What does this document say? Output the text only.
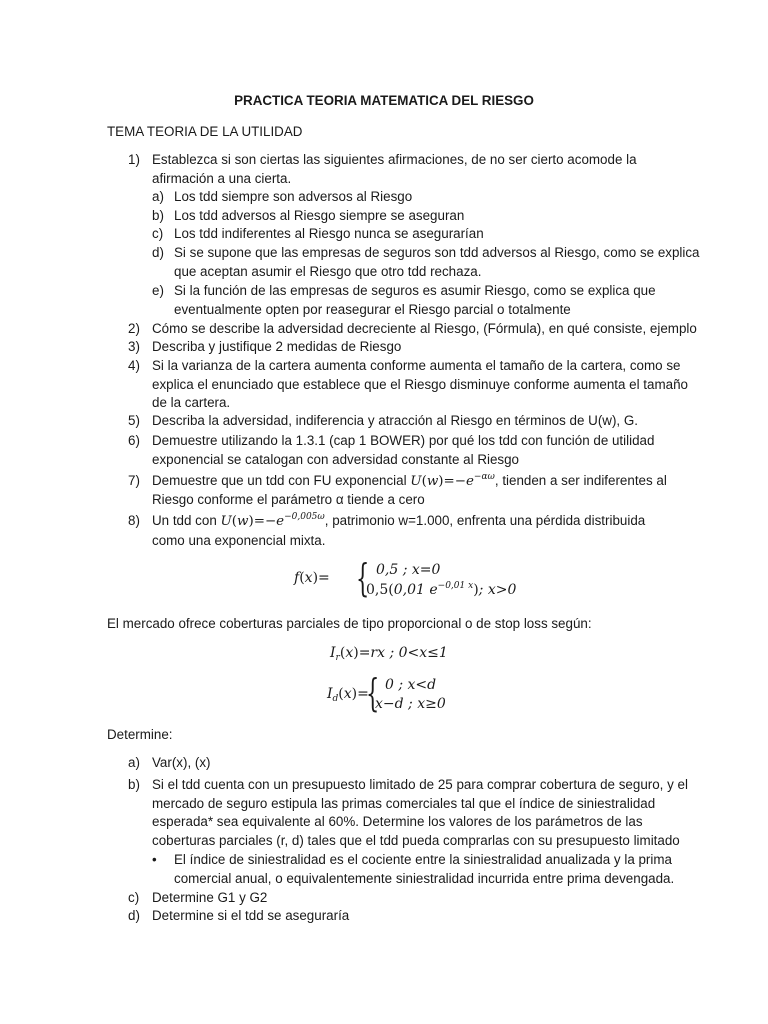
PRACTICA TEORIA MATEMATICA DEL RIESGO
TEMA TEORIA DE LA UTILIDAD
1) Establezca si son ciertas las siguientes afirmaciones, de no ser cierto acomode la
afirmación a una cierta.
a) Los tdd siempre son adversos al Riesgo
b) Los tdd adversos al Riesgo siempre se aseguran
c) Los tdd indiferentes al Riesgo nunca se asegurarían
d) Si se supone que las empresas de seguros son tdd adversos al Riesgo, como se explica
que aceptan asumir el Riesgo que otro tdd rechaza.
e) Si la función de las empresas de seguros es asumir Riesgo, como se explica que
eventualmente opten por reasegurar el Riesgo parcial o totalmente
2) Cómo se describe la adversidad decreciente al Riesgo, (Fórmula), en qué consiste, ejemplo
3) Describa y justifique 2 medidas de Riesgo
4) Si la varianza de la cartera aumenta conforme aumenta el tamaño de la cartera, como se
explica el enunciado que establece que el Riesgo disminuye conforme aumenta el tamaño
de la cartera.
5) Describa la adversidad, indiferencia y atracción al Riesgo en términos de U(w), G.
6) Demuestre utilizando la 1.3.1 (cap 1 BOWER) por qué los tdd con función de utilidad
exponencial se catalogan con adversidad constante al Riesgo
7) Demuestre que un tdd con FU exponencial $U(w)=-e^{-\alpha\omega}$, tienden a ser indiferentes al
Riesgo conforme el parámetro α tiende a cero
8) Un tdd con $U(w)=-e^{-0,005\omega}$, patrimonio w=1.000, enfrenta una pérdida distribuida
como una exponencial mixta.
f(x)= { 0,5 ; x=0
0,5(0,01 $e^{-0,01 x}$); x>0
El mercado ofrece coberturas parciales de tipo proporcional o de stop loss según:
$I_r(x)=rx$ ; 0<x≤1
$I_d(x)=$
{ 0 ; x<d
x−d ; x≥0
Determine:
a) Var(x), (x)
b) Si el tdd cuenta con un presupuesto limitado de 25 para comprar cobertura de seguro, y el
mercado de seguro estipula las primas comerciales tal que el índice de siniestralidad
esperada* sea equivalente al 60%. Determine los valores de los parámetros de las
coberturas parciales (r, d) tales que el tdd pueda comprarlas con su presupuesto limitado
• El índice de siniestralidad es el cociente entre la siniestralidad anualizada y la prima
comercial anual, o equivalentemente siniestralidad incurrida entre prima devengada.
c) Determine G1 y G2
d) Determine si el tdd se aseguraría
